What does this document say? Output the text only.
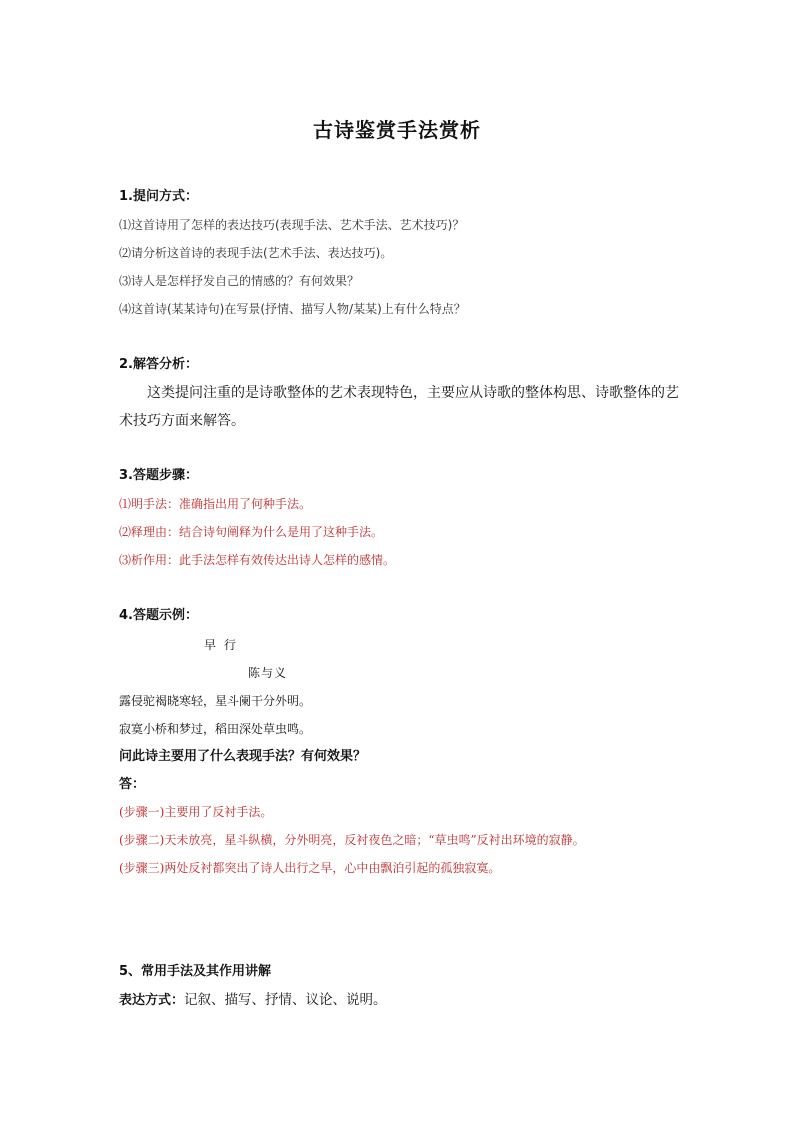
古诗鉴赏手法赏析
1.提问方式：
⑴这首诗用了怎样的表达技巧(表现手法、艺术手法、艺术技巧)？
⑵请分析这首诗的表现手法(艺术手法、表达技巧)。
⑶诗人是怎样抒发自己的情感的？有何效果？
⑷这首诗(某某诗句)在写景(抒情、描写人物/某某)上有什么特点？
2.解答分析：
这类提问注重的是诗歌整体的艺术表现特色，主要应从诗歌的整体构思、诗歌整体的艺
术技巧方面来解答。
3.答题步骤：
⑴明手法：准确指出用了何种手法。
⑵释理由：结合诗句阐释为什么是用了这种手法。
⑶析作用：此手法怎样有效传达出诗人怎样的感情。
4.答题示例：
早行
陈与义
露侵驼褐晓寒轻，星斗阑干分外明。
寂寞小桥和梦过，稻田深处草虫鸣。
问此诗主要用了什么表现手法？有何效果？
答：
(步骤一)主要用了反衬手法。
(步骤二)天未放亮，星斗纵横，分外明亮，反衬夜色之暗；“草虫鸣”反衬出环境的寂静。
(步骤三)两处反衬都突出了诗人出行之早，心中由飘泊引起的孤独寂寞。
5、常用手法及其作用讲解
表达方式：记叙、描写、抒情、议论、说明。
